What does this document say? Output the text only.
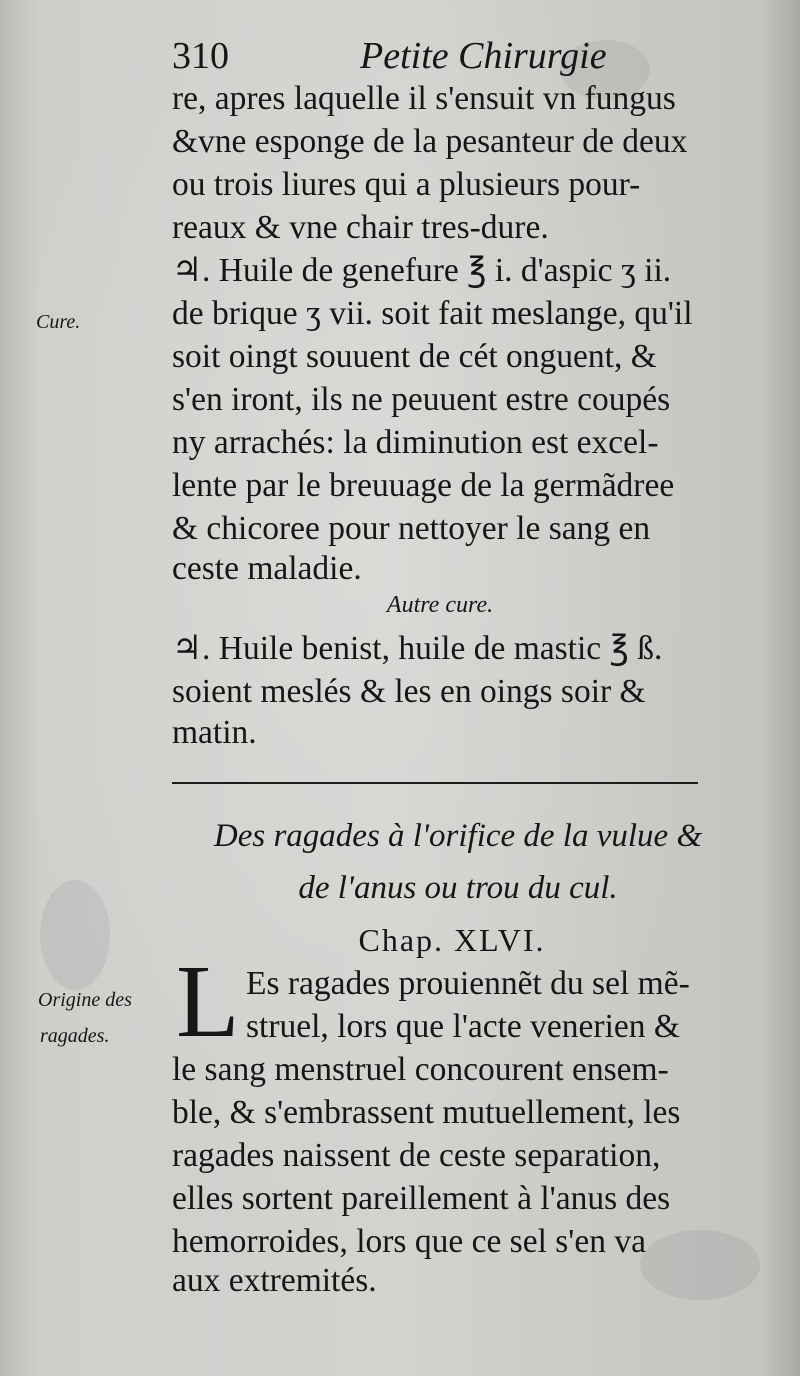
310	Petite Chirurgie
re, apres laquelle il s'ensuit vn fungus
&vne esponge de la pesanteur de deux
ou trois liures qui a plusieurs pour-
reaux & vne chair tres-dure.
♃. Huile de genefure ℥ i. d'aspic ʒ ii.
de brique ʒ vii. soit fait meslange, qu'il
soit oingt souuent de cét onguent, &
s'en iront, ils ne peuuent estre coupés
ny arrachés: la diminution est excel-
lente par le breuuage de la germãdree
& chicoree pour nettoyer le sang en
ceste maladie.
Cure.
Autre cure.
♃. Huile benist, huile de mastic ℥ ß.
soient meslés & les en oings soir &
matin.
Des ragades à l'orifice de la vulue &
de l'anus ou trou du cul.
Chap. XLVI.
L
Origine des
ragades.
Es ragades prouiennẽt du sel mẽ-
struel, lors que l'acte venerien &
le sang menstruel concourent ensem-
ble, & s'embrassent mutuellement, les
ragades naissent de ceste separation,
elles sortent pareillement à l'anus des
hemorroides, lors que ce sel s'en va
aux extremités.
